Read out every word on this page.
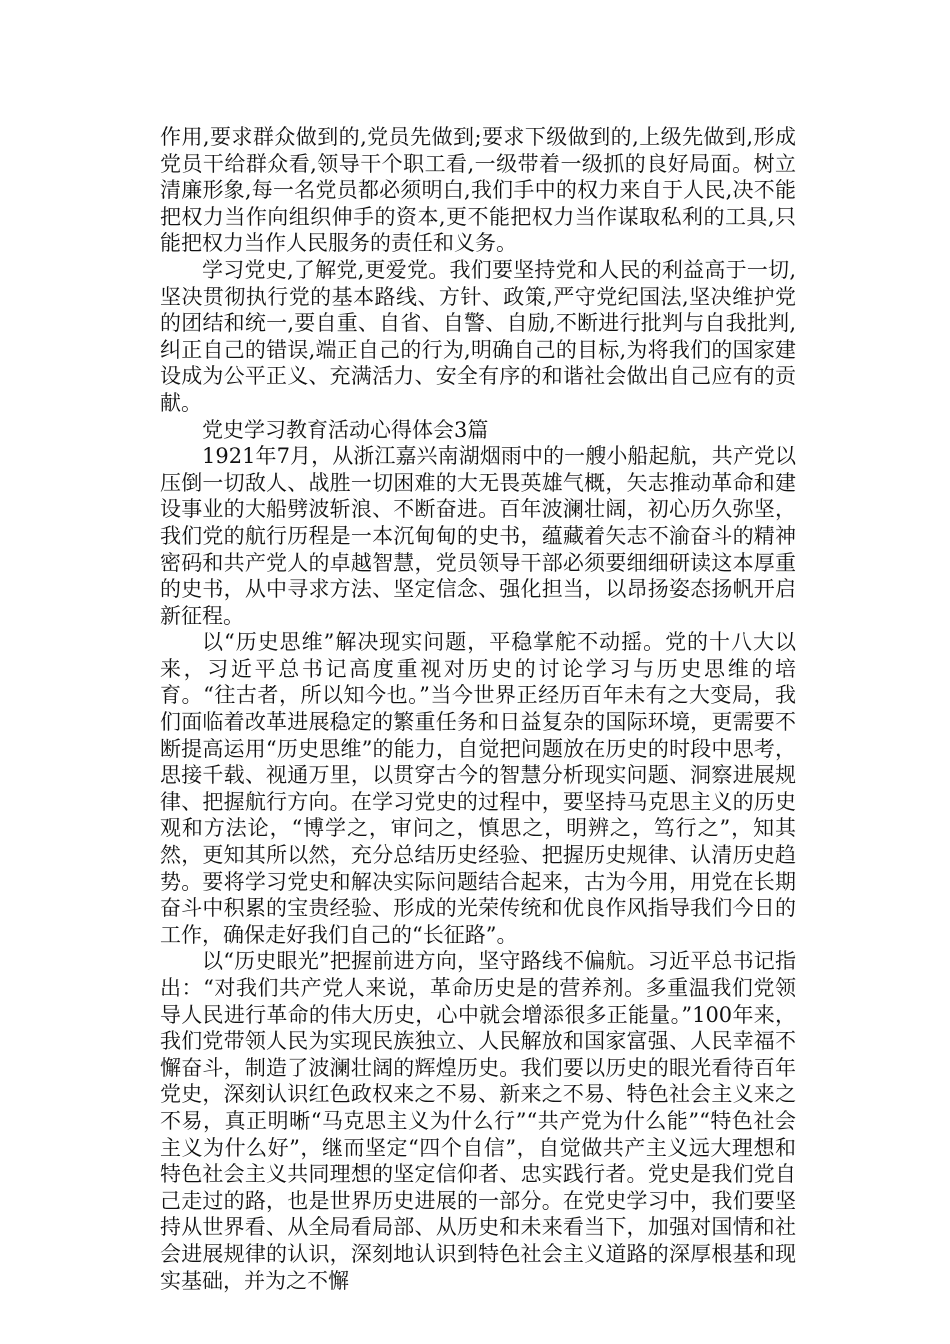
作用,要求群众做到的,党员先做到;要求下级做到的,上级先做到,形成党员干给群众看,领导干个职工看,一级带着一级抓的良好局面。树立清廉形象,每一名党员都必须明白,我们手中的权力来自于人民,决不能把权力当作向组织伸手的资本,更不能把权力当作谋取私利的工具,只能把权力当作人民服务的责任和义务。

学习党史,了解党,更爱党。我们要坚持党和人民的利益高于一切,坚决贯彻执行党的基本路线、方针、政策,严守党纪国法,坚决维护党的团结和统一,要自重、自省、自警、自励,不断进行批判与自我批判,纠正自己的错误,端正自己的行为,明确自己的目标,为将我们的国家建设成为公平正义、充满活力、安全有序的和谐社会做出自己应有的贡献。

党史学习教育活动心得体会3篇

1921年7月，从浙江嘉兴南湖烟雨中的一艘小船起航，共产党以压倒一切敌人、战胜一切困难的大无畏英雄气概，矢志推动革命和建设事业的大船劈波斩浪、不断奋进。百年波澜壮阔，初心历久弥坚，我们党的航行历程是一本沉甸甸的史书，蕴藏着矢志不渝奋斗的精神密码和共产党人的卓越智慧，党员领导干部必须要细细研读这本厚重的史书，从中寻求方法、坚定信念、强化担当，以昂扬姿态扬帆开启新征程。

以“历史思维”解决现实问题，平稳掌舵不动摇。党的十八大以来，习近平总书记高度重视对历史的讨论学习与历史思维的培育。“往古者，所以知今也。”当今世界正经历百年未有之大变局，我们面临着改革进展稳定的繁重任务和日益复杂的国际环境，更需要不断提高运用“历史思维”的能力，自觉把问题放在历史的时段中思考，思接千载、视通万里，以贯穿古今的智慧分析现实问题、洞察进展规律、把握航行方向。在学习党史的过程中，要坚持马克思主义的历史观和方法论，“博学之，审问之，慎思之，明辨之，笃行之”，知其然，更知其所以然，充分总结历史经验、把握历史规律、认清历史趋势。要将学习党史和解决实际问题结合起来，古为今用，用党在长期奋斗中积累的宝贵经验、形成的光荣传统和优良作风指导我们今日的工作，确保走好我们自己的“长征路”。

以“历史眼光”把握前进方向，坚守路线不偏航。习近平总书记指出：“对我们共产党人来说，革命历史是的营养剂。多重温我们党领导人民进行革命的伟大历史，心中就会增添很多正能量。”100年来，我们党带领人民为实现民族独立、人民解放和国家富强、人民幸福不懈奋斗，制造了波澜壮阔的辉煌历史。我们要以历史的眼光看待百年党史，深刻认识红色政权来之不易、新来之不易、特色社会主义来之不易，真正明晰“马克思主义为什么行”“共产党为什么能”“特色社会主义为什么好”，继而坚定“四个自信”，自觉做共产主义远大理想和特色社会主义共同理想的坚定信仰者、忠实践行者。党史是我们党自己走过的路，也是世界历史进展的一部分。在党史学习中，我们要坚持从世界看、从全局看局部、从历史和未来看当下，加强对国情和社会进展规律的认识，深刻地认识到特色社会主义道路的深厚根基和现实基础，并为之不懈
